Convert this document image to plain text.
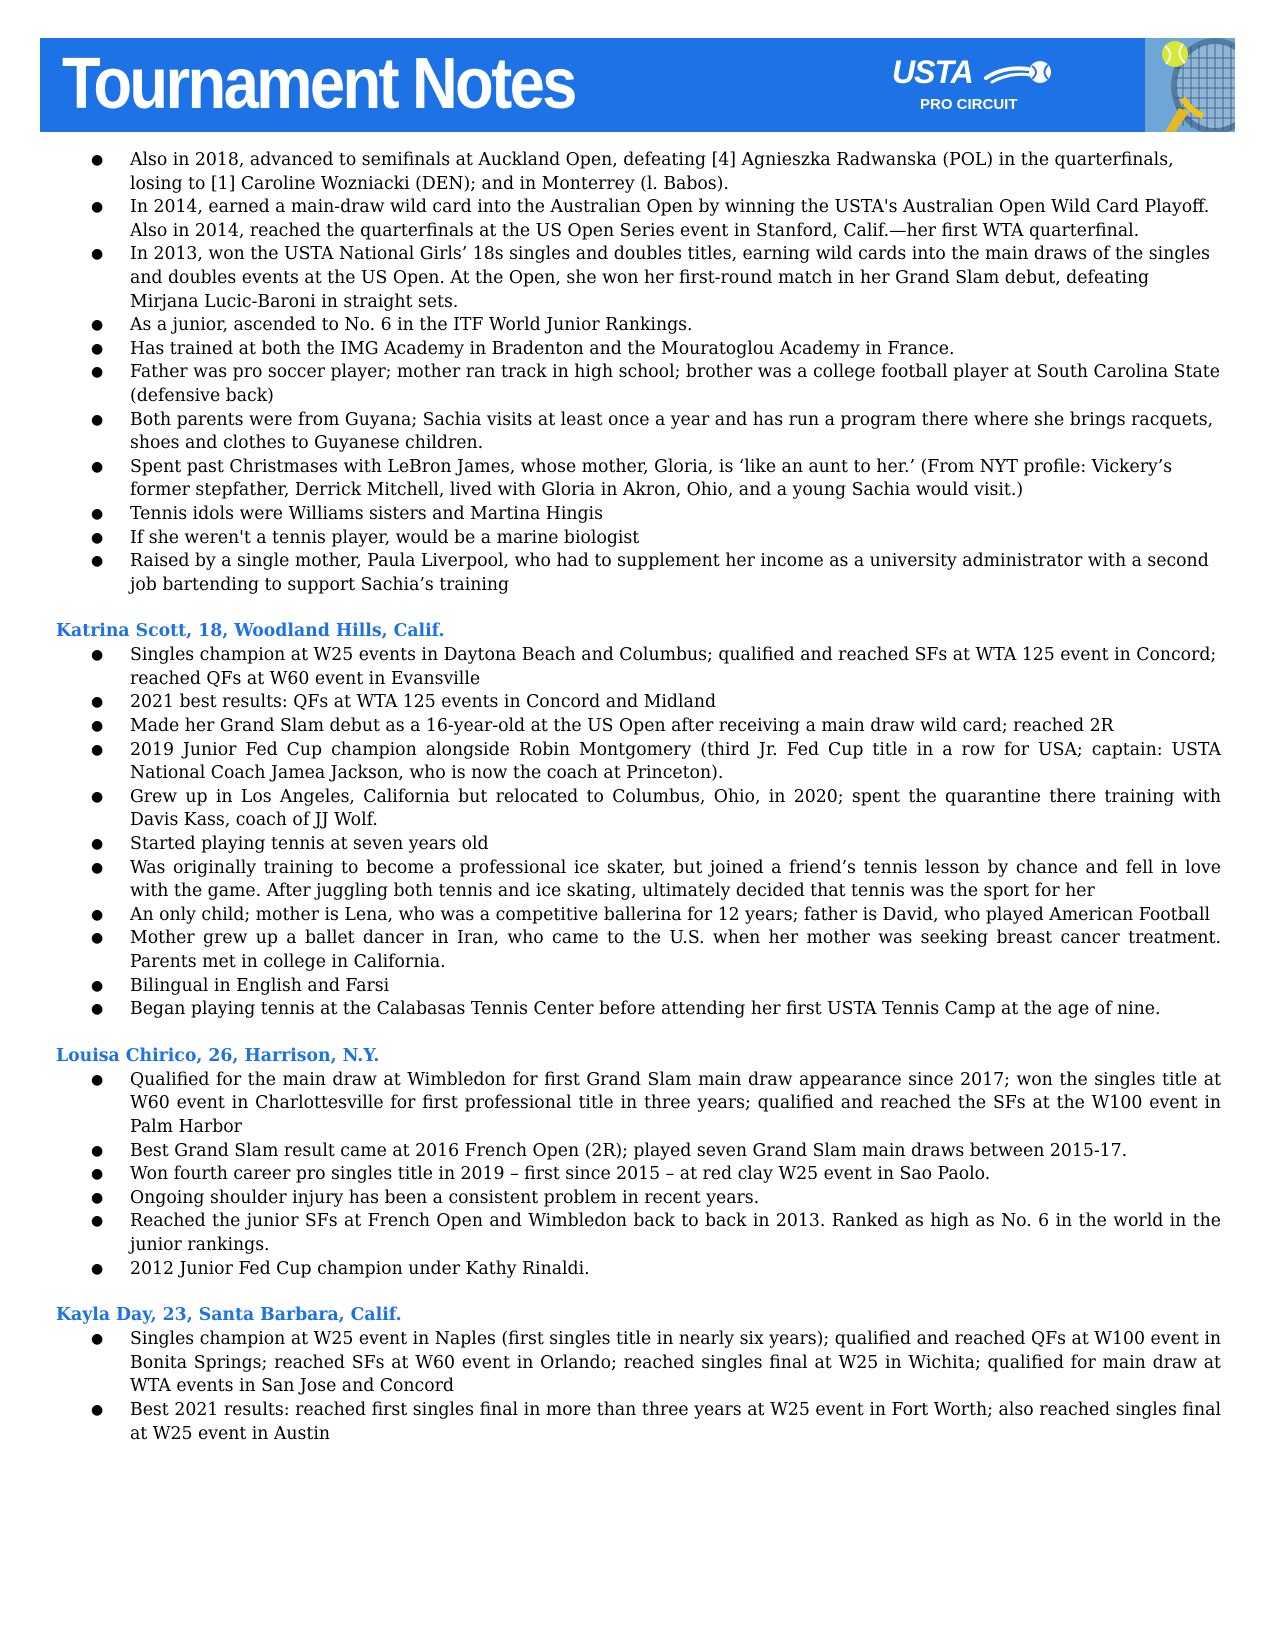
Tournament Notes	USTA
PRO CIRCUIT
● Also in 2018, advanced to semifinals at Auckland Open, defeating [4] Agnieszka Radwanska (POL) in the quarterfinals, losing to [1] Caroline Wozniacki (DEN); and in Monterrey (l. Babos).
● In 2014, earned a main-draw wild card into the Australian Open by winning the USTA's Australian Open Wild Card Playoff. Also in 2014, reached the quarterfinals at the US Open Series event in Stanford, Calif.—her first WTA quarterfinal.
● In 2013, won the USTA National Girls’ 18s singles and doubles titles, earning wild cards into the main draws of the singles and doubles events at the US Open. At the Open, she won her first-round match in her Grand Slam debut, defeating Mirjana Lucic-Baroni in straight sets.
● As a junior, ascended to No. 6 in the ITF World Junior Rankings.
● Has trained at both the IMG Academy in Bradenton and the Mouratoglou Academy in France.
● Father was pro soccer player; mother ran track in high school; brother was a college football player at South Carolina State (defensive back)
● Both parents were from Guyana; Sachia visits at least once a year and has run a program there where she brings racquets, shoes and clothes to Guyanese children.
● Spent past Christmases with LeBron James, whose mother, Gloria, is ‘like an aunt to her.’ (From NYT profile: Vickery’s former stepfather, Derrick Mitchell, lived with Gloria in Akron, Ohio, and a young Sachia would visit.)
● Tennis idols were Williams sisters and Martina Hingis
● If she weren't a tennis player, would be a marine biologist
● Raised by a single mother, Paula Liverpool, who had to supplement her income as a university administrator with a second job bartending to support Sachia’s training
Katrina Scott, 18, Woodland Hills, Calif.
● Singles champion at W25 events in Daytona Beach and Columbus; qualified and reached SFs at WTA 125 event in Concord; reached QFs at W60 event in Evansville
● 2021 best results: QFs at WTA 125 events in Concord and Midland
● Made her Grand Slam debut as a 16-year-old at the US Open after receiving a main draw wild card; reached 2R
● 2019 Junior Fed Cup champion alongside Robin Montgomery (third Jr. Fed Cup title in a row for USA; captain: USTA National Coach Jamea Jackson, who is now the coach at Princeton).
● Grew up in Los Angeles, California but relocated to Columbus, Ohio, in 2020; spent the quarantine there training with Davis Kass, coach of JJ Wolf.
● Started playing tennis at seven years old
● Was originally training to become a professional ice skater, but joined a friend’s tennis lesson by chance and fell in love with the game. After juggling both tennis and ice skating, ultimately decided that tennis was the sport for her
● An only child; mother is Lena, who was a competitive ballerina for 12 years; father is David, who played American Football
● Mother grew up a ballet dancer in Iran, who came to the U.S. when her mother was seeking breast cancer treatment. Parents met in college in California.
● Bilingual in English and Farsi
● Began playing tennis at the Calabasas Tennis Center before attending her first USTA Tennis Camp at the age of nine.
Louisa Chirico, 26, Harrison, N.Y.
● Qualified for the main draw at Wimbledon for first Grand Slam main draw appearance since 2017; won the singles title at W60 event in Charlottesville for first professional title in three years; qualified and reached the SFs at the W100 event in Palm Harbor
● Best Grand Slam result came at 2016 French Open (2R); played seven Grand Slam main draws between 2015-17.
● Won fourth career pro singles title in 2019 – first since 2015 – at red clay W25 event in Sao Paolo.
● Ongoing shoulder injury has been a consistent problem in recent years.
● Reached the junior SFs at French Open and Wimbledon back to back in 2013. Ranked as high as No. 6 in the world in the junior rankings.
● 2012 Junior Fed Cup champion under Kathy Rinaldi.
Kayla Day, 23, Santa Barbara, Calif.
● Singles champion at W25 event in Naples (first singles title in nearly six years); qualified and reached QFs at W100 event in Bonita Springs; reached SFs at W60 event in Orlando; reached singles final at W25 in Wichita; qualified for main draw at WTA events in San Jose and Concord
● Best 2021 results: reached first singles final in more than three years at W25 event in Fort Worth; also reached singles final at W25 event in Austin
